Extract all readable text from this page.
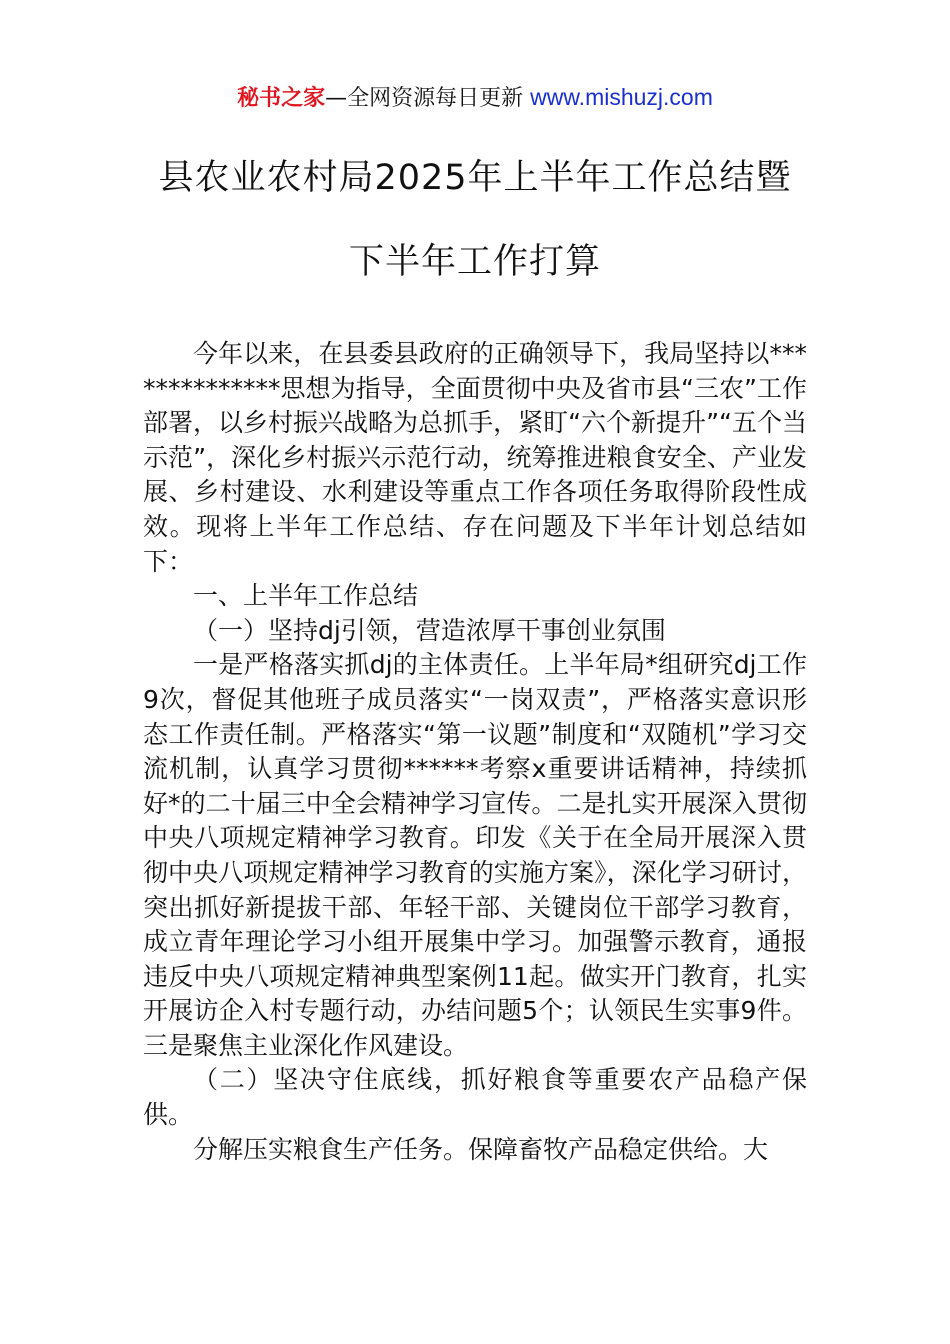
秘书之家—全网资源每日更新 www.mishuzj.com
县农业农村局2025年上半年工作总结暨
下半年工作打算

今年以来，在县委县政府的正确领导下，我局坚持以**************思想为指导，全面贯彻中央及省市县“三农”工作部署，以乡村振兴战略为总抓手，紧盯“六个新提升”“五个当示范”，深化乡村振兴示范行动，统筹推进粮食安全、产业发展、乡村建设、水利建设等重点工作各项任务取得阶段性成效。现将上半年工作总结、存在问题及下半年计划总结如下：

一、上半年工作总结

（一）坚持dj引领，营造浓厚干事创业氛围

一是严格落实抓dj的主体责任。上半年局*组研究dj工作9次，督促其他班子成员落实“一岗双责”，严格落实意识形态工作责任制。严格落实“第一议题”制度和“双随机”学习交流机制，认真学习贯彻******考察x重要讲话精神，持续抓好*的二十届三中全会精神学习宣传。二是扎实开展深入贯彻中央八项规定精神学习教育。印发《关于在全局开展深入贯彻中央八项规定精神学习教育的实施方案》，深化学习研讨，突出抓好新提拔干部、年轻干部、关键岗位干部学习教育，成立青年理论学习小组开展集中学习。加强警示教育，通报违反中央八项规定精神典型案例11起。做实开门教育，扎实开展访企入村专题行动，办结问题5个；认领民生实事9件。三是聚焦主业深化作风建设。

（二）坚决守住底线，抓好粮食等重要农产品稳产保供。

分解压实粮食生产任务。保障畜牧产品稳定供给。大
